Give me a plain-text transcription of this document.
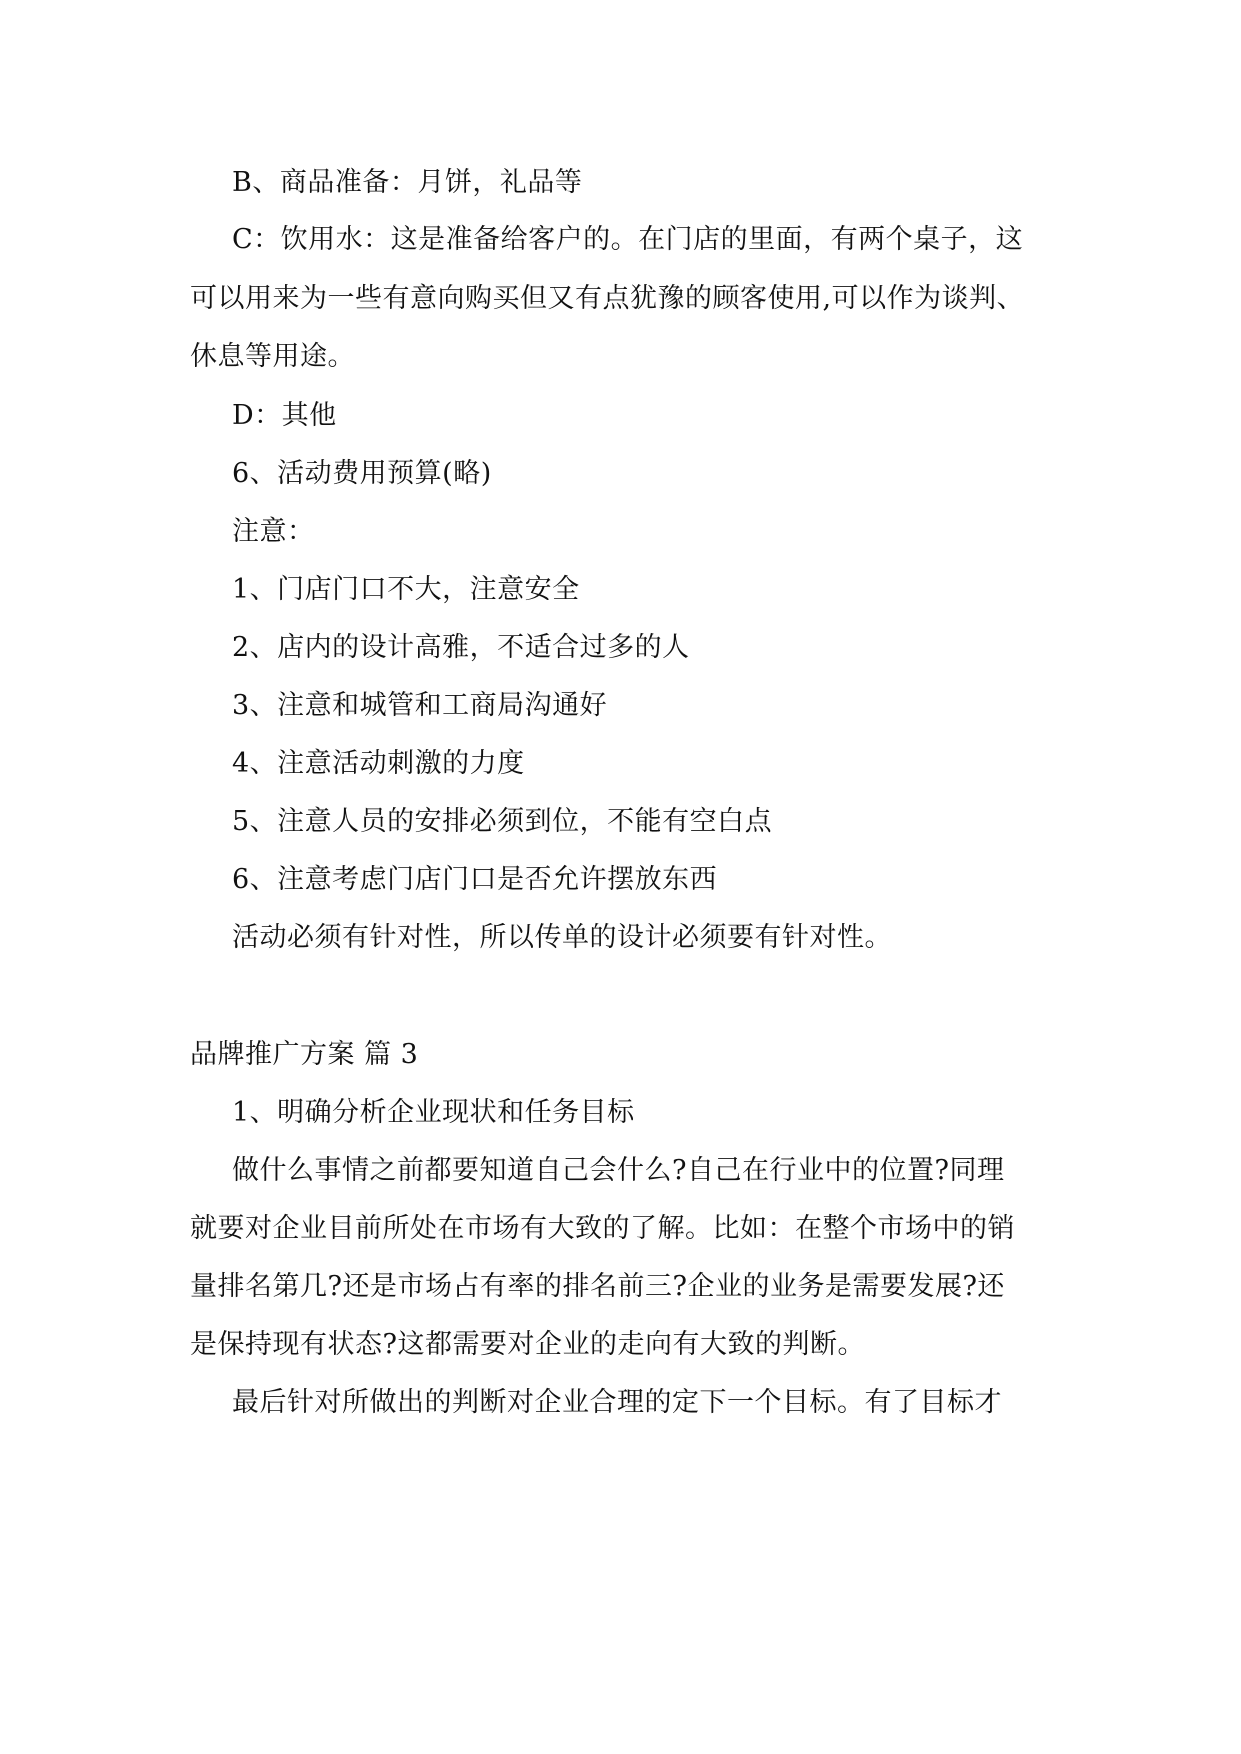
B、商品准备：月饼，礼品等
C：饮用水：这是准备给客户的。在门店的里面，有两个桌子，这
可以用来为一些有意向购买但又有点犹豫的顾客使用,可以作为谈判、
休息等用途。
D：其他
6、活动费用预算(略)
注意：
1、门店门口不大，注意安全
2、店内的设计高雅，不适合过多的人
3、注意和城管和工商局沟通好
4、注意活动刺激的力度
5、注意人员的安排必须到位，不能有空白点
6、注意考虑门店门口是否允许摆放东西
活动必须有针对性，所以传单的设计必须要有针对性。
品牌推广方案 篇 3
1、明确分析企业现状和任务目标
做什么事情之前都要知道自己会什么?自己在行业中的位置?同理
就要对企业目前所处在市场有大致的了解。比如：在整个市场中的销
量排名第几?还是市场占有率的排名前三?企业的业务是需要发展?还
是保持现有状态?这都需要对企业的走向有大致的判断。
最后针对所做出的判断对企业合理的定下一个目标。有了目标才
